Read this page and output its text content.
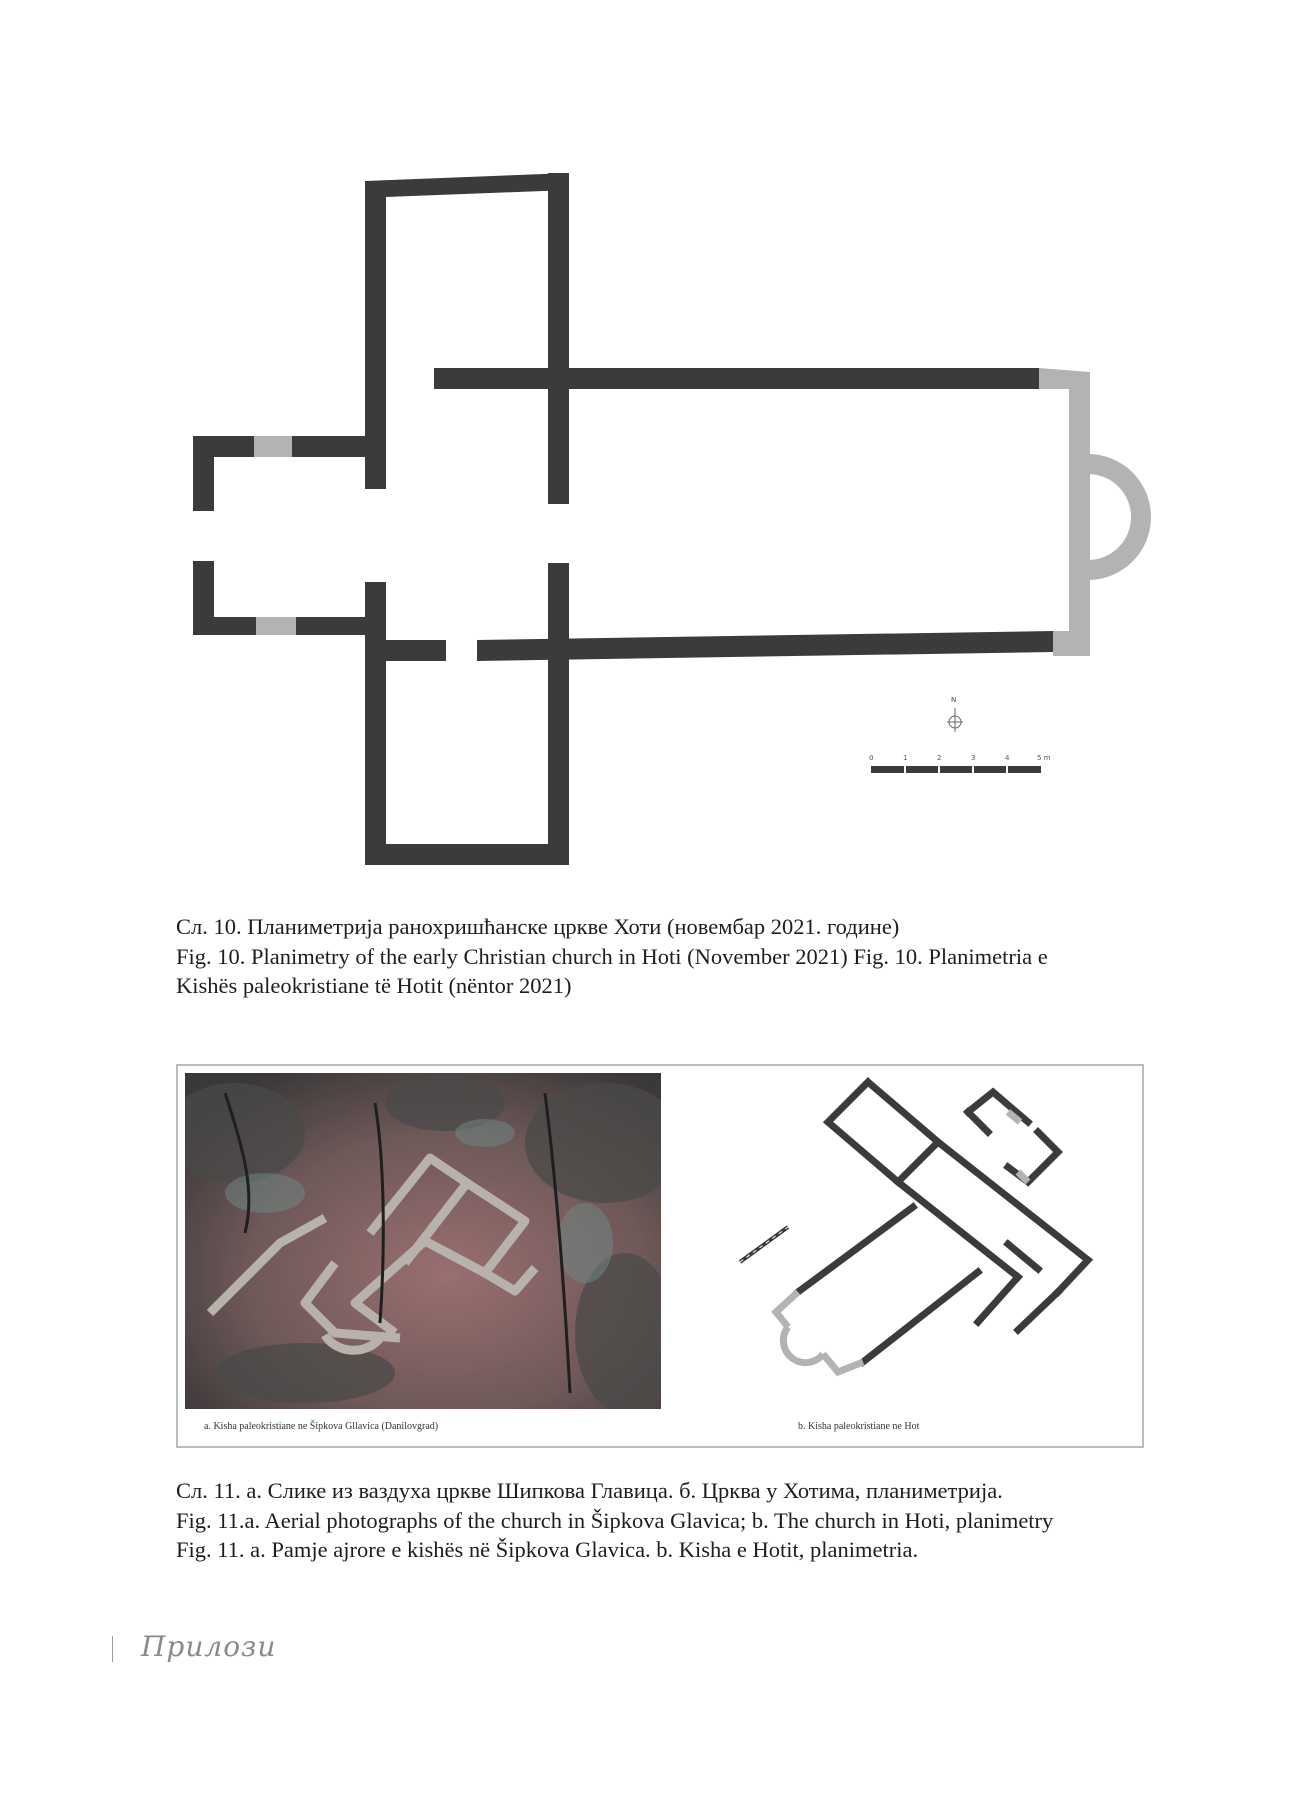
0	1	2	3	4	5 m
N

Сл. 10. Планиметрија ранохришћанске цркве Хоти (новембар 2021. године)

Fig. 10. Planimetry of the early Christian church in Hoti (November 2021) Fig. 10. Planimetria e

Kishës paleokristiane të Hotit (nëntor 2021)

a. Kisha paleokristiane ne Šipkova Gllavica (Danilovgrad)	b. Kisha paleokristiane ne Hot

Сл. 11. а. Слике из ваздуха цркве Шипкова Главица. б. Црква у Хотима, планиметрија.

Fig. 11.a. Aerial photographs of the church in Šipkova Glavica; b. The church in Hoti, planimetry

Fig. 11. a. Pamje ajrore e kishës në Šipkova Glavica. b. Kisha e Hotit, planimetria.

Прилози
